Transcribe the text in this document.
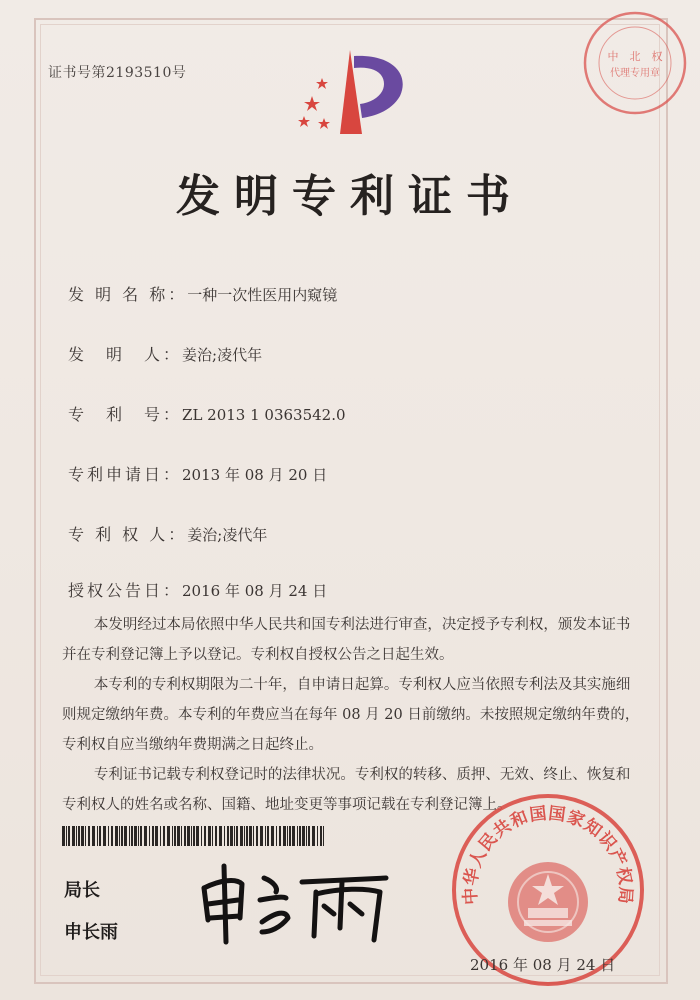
证书号第2193510号
中　北　权
代理专用章
发明专利证书
发 明 名 称：一种一次性医用内窥镜
发　明　人：姜治;凌代年
专　利　号：ZL 2013 1 0363542.0
专利申请日：2013 年 08 月 20 日
专 利 权 人：姜治;凌代年
授权公告日：2016 年 08 月 24 日

本发明经过本局依照中华人民共和国专利法进行审查，决定授予专利权，颁发本证书并在专利登记簿上予以登记。专利权自授权公告之日起生效。

本专利的专利权期限为二十年，自申请日起算。专利权人应当依照专利法及其实施细则规定缴纳年费。本专利的年费应当在每年 08 月 20 日前缴纳。未按照规定缴纳年费的，专利权自应当缴纳年费期满之日起终止。

专利证书记载专利权登记时的法律状况。专利权的转移、质押、无效、终止、恢复和专利权人的姓名或名称、国籍、地址变更等事项记载在专利登记簿上。

局长
申长雨
中华人民共和国国家知识产权局
2016 年 08 月 24 日
